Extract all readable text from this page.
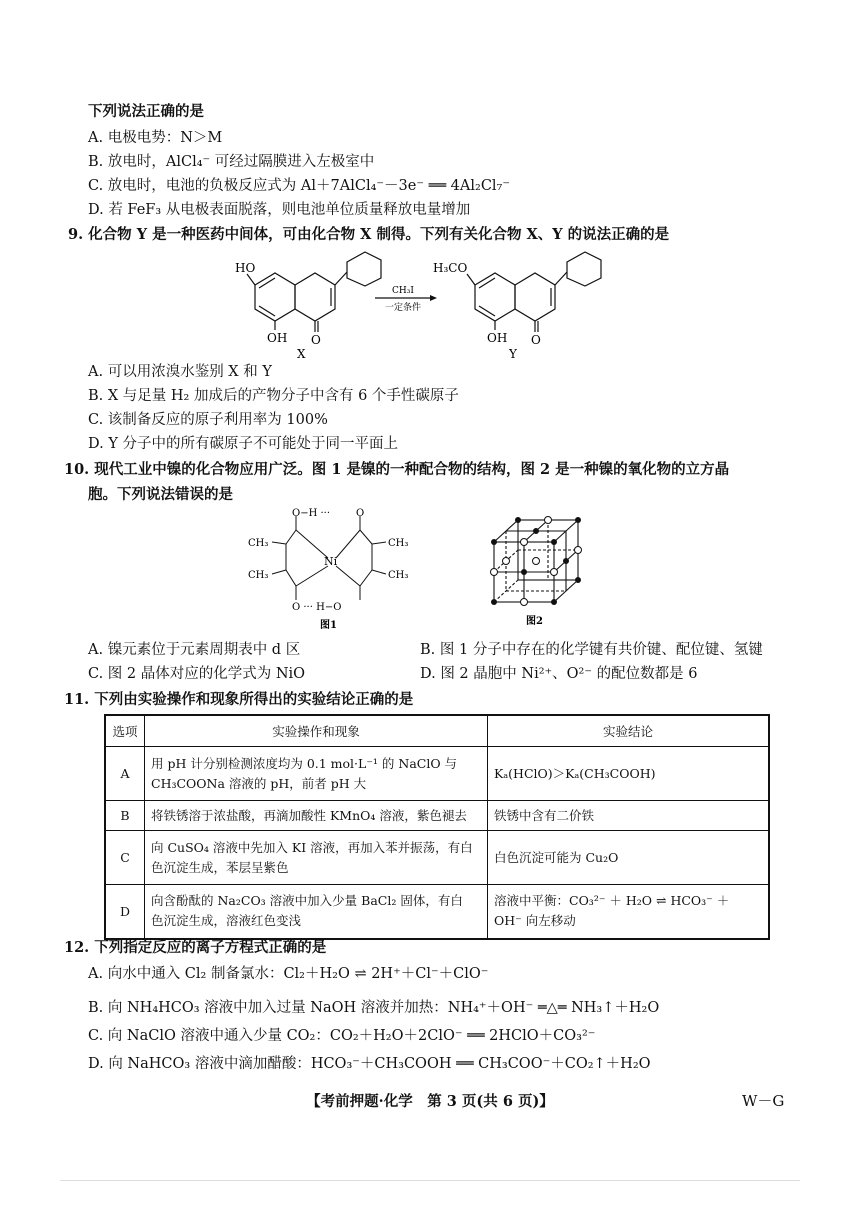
下列说法正确的是
A. 电极电势：N＞M
B. 放电时，AlCl₄⁻ 可经过隔膜进入左极室中
C. 放电时，电池的负极反应式为 Al＋7AlCl₄⁻－3e⁻ ══ 4Al₂Cl₇⁻
D. 若 FeF₃ 从电极表面脱落，则电池单位质量释放电量增加
9. 化合物 Y 是一种医药中间体，可由化合物 X 制得。下列有关化合物 X、Y 的说法正确的是
HO
OH O
X
CH₃I
一定条件
H₃CO
OH O
Y
A. 可以用浓溴水鉴别 X 和 Y
B. X 与足量 H₂ 加成后的产物分子中含有 6 个手性碳原子
C. 该制备反应的原子利用率为 100%
D. Y 分子中的所有碳原子不可能处于同一平面上
10. 现代工业中镍的化合物应用广泛。图 1 是镍的一种配合物的结构，图 2 是一种镍的氧化物的立方晶
胞。下列说法错误的是
O−H ···	O
Ni
CH₃
CH₃
CH₃
CH₃
O ··· H−O
图1	图2
A. 镍元素位于元素周期表中 d 区	B. 图 1 分子中存在的化学键有共价键、配位键、氢键
C. 图 2 晶体对应的化学式为 NiO	D. 图 2 晶胞中 Ni²⁺、O²⁻ 的配位数都是 6
11. 下列由实验操作和现象所得出的实验结论正确的是
选项	实验操作和现象	实验结论
A	用 pH 计分别检测浓度均为 0.1 mol·L⁻¹ 的 NaClO 与
CH₃COONa 溶液的 pH，前者 pH 大	Kₐ(HClO)＞Kₐ(CH₃COOH)
B	将铁锈溶于浓盐酸，再滴加酸性 KMnO₄ 溶液，紫色褪去	铁锈中含有二价铁
C	向 CuSO₄ 溶液中先加入 KI 溶液，再加入苯并振荡，有白
色沉淀生成，苯层呈紫色	白色沉淀可能为 Cu₂O
D	向含酚酞的 Na₂CO₃ 溶液中加入少量 BaCl₂ 固体，有白
色沉淀生成，溶液红色变浅	溶液中平衡：CO₃²⁻ ＋ H₂O ⇌ HCO₃⁻ ＋
OH⁻ 向左移动
12. 下列指定反应的离子方程式正确的是
A. 向水中通入 Cl₂ 制备氯水：Cl₂＋H₂O ⇌ 2H⁺＋Cl⁻＋ClO⁻
B. 向 NH₄HCO₃ 溶液中加入过量 NaOH 溶液并加热：NH₄⁺＋OH⁻ ═△═ NH₃↑＋H₂O
C. 向 NaClO 溶液中通入少量 CO₂：CO₂＋H₂O＋2ClO⁻ ══ 2HClO＋CO₃²⁻
D. 向 NaHCO₃ 溶液中滴加醋酸：HCO₃⁻＋CH₃COOH ══ CH₃COO⁻＋CO₂↑＋H₂O
【考前押题·化学　第 3 页(共 6 页)】	W－G
